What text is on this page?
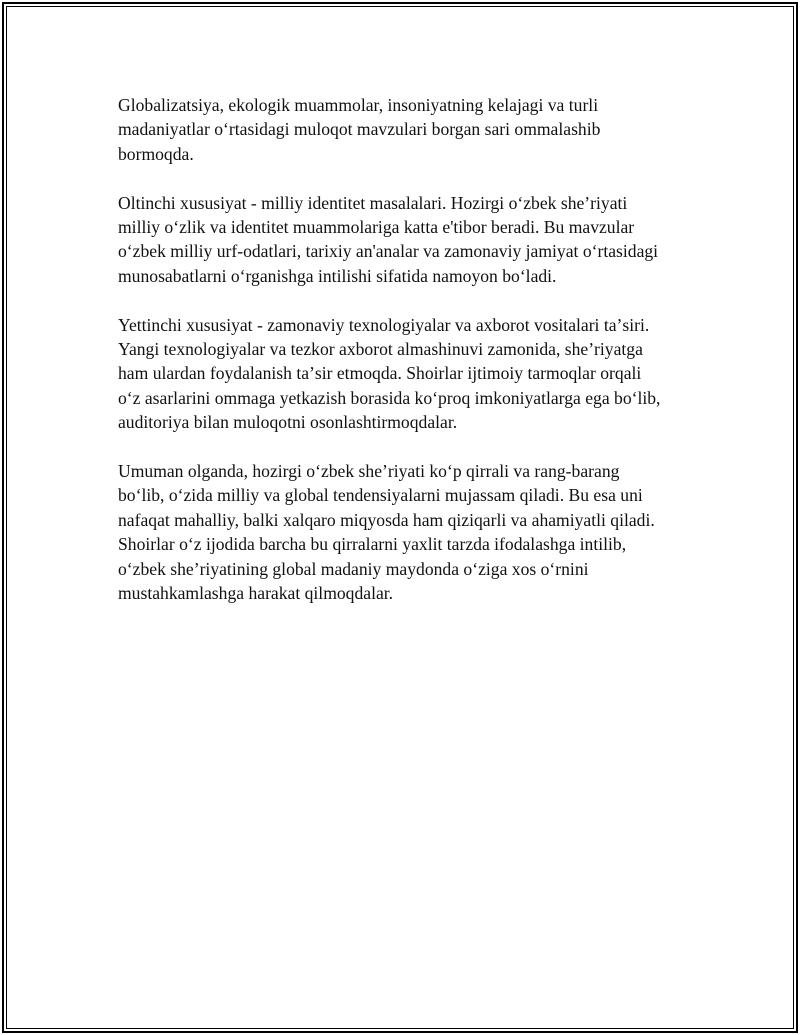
Globalizatsiya, ekologik muammolar, insoniyatning kelajagi va turli
madaniyatlar oʻrtasidagi muloqot mavzulari borgan sari ommalashib
bormoqda.

Oltinchi xususiyat - milliy identitet masalalari. Hozirgi oʻzbek sheʼriyati
milliy oʻzlik va identitet muammolariga katta e'tibor beradi. Bu mavzular
oʻzbek milliy urf-odatlari, tarixiy an'analar va zamonaviy jamiyat oʻrtasidagi
munosabatlarni oʻrganishga intilishi sifatida namoyon boʻladi.

Yettinchi xususiyat - zamonaviy texnologiyalar va axborot vositalari taʼsiri.
Yangi texnologiyalar va tezkor axborot almashinuvi zamonida, sheʼriyatga
ham ulardan foydalanish taʼsir etmoqda. Shoirlar ijtimoiy tarmoqlar orqali
oʻz asarlarini ommaga yetkazish borasida koʻproq imkoniyatlarga ega boʻlib,
auditoriya bilan muloqotni osonlashtirmoqdalar.

Umuman olganda, hozirgi oʻzbek sheʼriyati koʻp qirrali va rang-barang
boʻlib, oʻzida milliy va global tendensiyalarni mujassam qiladi. Bu esa uni
nafaqat mahalliy, balki xalqaro miqyosda ham qiziqarli va ahamiyatli qiladi.
Shoirlar oʻz ijodida barcha bu qirralarni yaxlit tarzda ifodalashga intilib,
oʻzbek sheʼriyatining global madaniy maydonda oʻziga xos oʻrnini
mustahkamlashga harakat qilmoqdalar.
